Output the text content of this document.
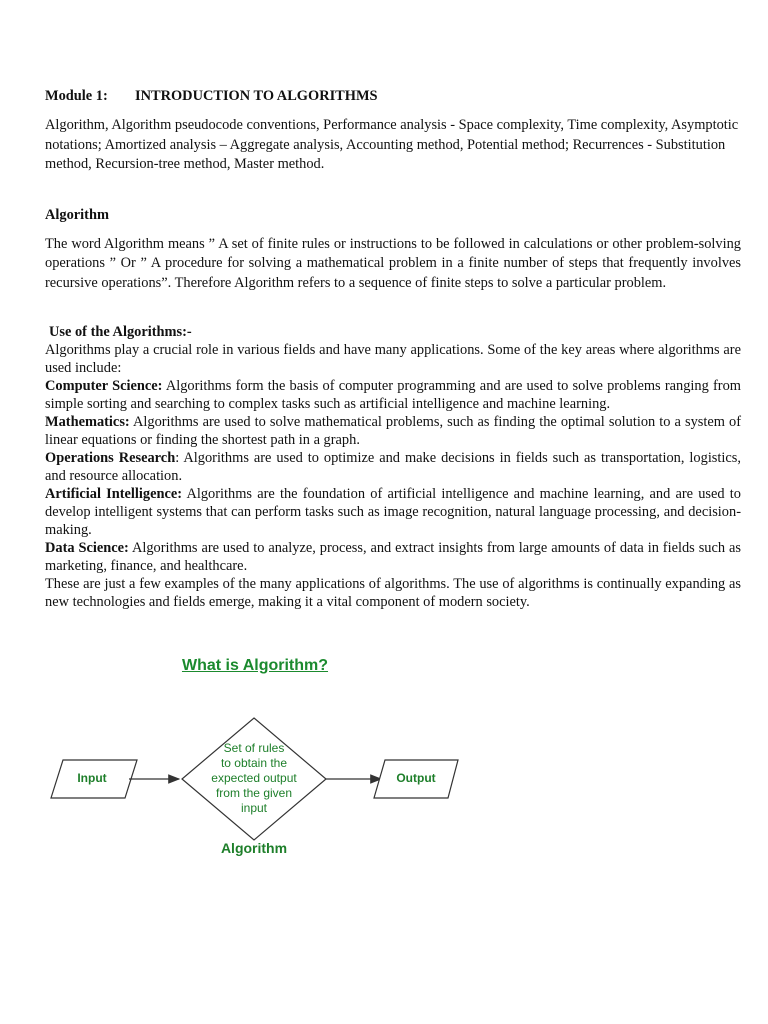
Module 1: INTRODUCTION TO ALGORITHMS

Algorithm, Algorithm pseudocode conventions, Performance analysis - Space complexity, Time complexity, Asymptotic notations; Amortized analysis – Aggregate analysis, Accounting method, Potential method; Recurrences - Substitution method, Recursion-tree method, Master method.

Algorithm

The word Algorithm means ” A set of finite rules or instructions to be followed in calculations or other problem-solving operations ” Or ” A procedure for solving a mathematical problem in a finite number of steps that frequently involves recursive operations”. Therefore Algorithm refers to a sequence of finite steps to solve a particular problem.

Use of the Algorithms:-

Algorithms play a crucial role in various fields and have many applications. Some of the key areas where algorithms are used include:

Computer Science: Algorithms form the basis of computer programming and are used to solve problems ranging from simple sorting and searching to complex tasks such as artificial intelligence and machine learning.

Mathematics: Algorithms are used to solve mathematical problems, such as finding the optimal solution to a system of linear equations or finding the shortest path in a graph.

Operations Research: Algorithms are used to optimize and make decisions in fields such as transportation, logistics, and resource allocation.

Artificial Intelligence: Algorithms are the foundation of artificial intelligence and machine learning, and are used to develop intelligent systems that can perform tasks such as image recognition, natural language processing, and decision-making.

Data Science: Algorithms are used to analyze, process, and extract insights from large amounts of data in fields such as marketing, finance, and healthcare.

These are just a few examples of the many applications of algorithms. The use of algorithms is continually expanding as new technologies and fields emerge, making it a vital component of modern society.

What is Algorithm?
Input	Output
Set of rules
to obtain the
expected output
from the given
input
Algorithm
